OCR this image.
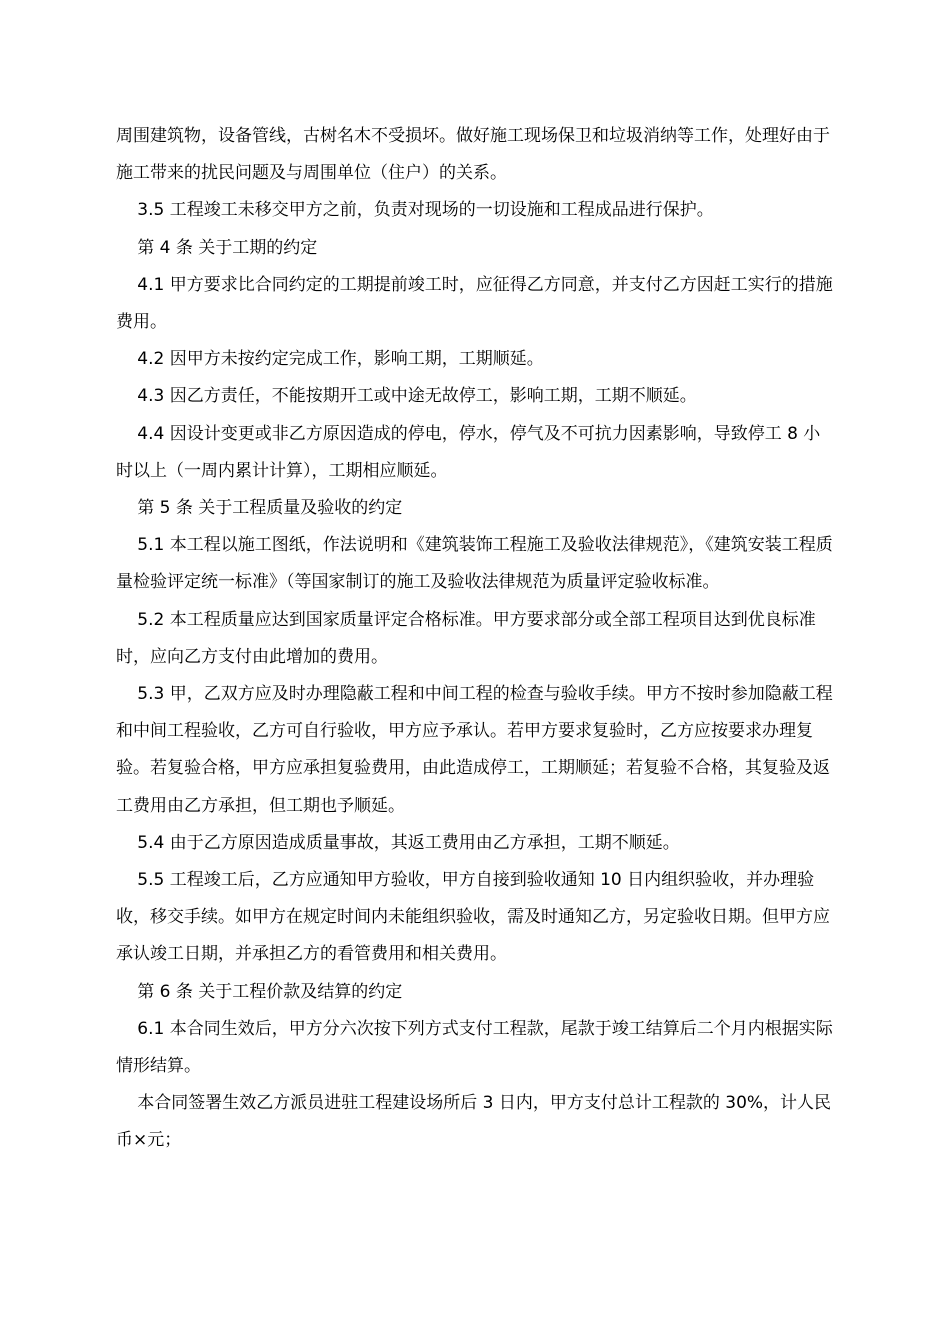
周围建筑物，设备管线，古树名木不受损坏。做好施工现场保卫和垃圾消纳等工作，处理好由于施工带来的扰民问题及与周围单位（住户）的关系。

3.5 工程竣工未移交甲方之前，负责对现场的一切设施和工程成品进行保护。

第 4 条 关于工期的约定

4.1 甲方要求比合同约定的工期提前竣工时，应征得乙方同意，并支付乙方因赶工实行的措施费用。

4.2 因甲方未按约定完成工作，影响工期，工期顺延。

4.3 因乙方责任，不能按期开工或中途无故停工，影响工期，工期不顺延。

4.4 因设计变更或非乙方原因造成的停电，停水，停气及不可抗力因素影响，导致停工 8 小时以上（一周内累计计算），工期相应顺延。

第 5 条 关于工程质量及验收的约定

5.1 本工程以施工图纸，作法说明和《建筑装饰工程施工及验收法律规范》，《建筑安装工程质量检验评定统一标准》（等国家制订的施工及验收法律规范为质量评定验收标准。

5.2 本工程质量应达到国家质量评定合格标准。甲方要求部分或全部工程项目达到优良标准时，应向乙方支付由此增加的费用。

5.3 甲，乙双方应及时办理隐蔽工程和中间工程的检查与验收手续。甲方不按时参加隐蔽工程和中间工程验收，乙方可自行验收，甲方应予承认。若甲方要求复验时，乙方应按要求办理复验。若复验合格，甲方应承担复验费用，由此造成停工，工期顺延；若复验不合格，其复验及返工费用由乙方承担，但工期也予顺延。

5.4 由于乙方原因造成质量事故，其返工费用由乙方承担，工期不顺延。

5.5 工程竣工后，乙方应通知甲方验收，甲方自接到验收通知 10 日内组织验收，并办理验收，移交手续。如甲方在规定时间内未能组织验收，需及时通知乙方，另定验收日期。但甲方应承认竣工日期，并承担乙方的看管费用和相关费用。

第 6 条 关于工程价款及结算的约定

6.1 本合同生效后，甲方分六次按下列方式支付工程款，尾款于竣工结算后二个月内根据实际情形结算。

本合同签署生效乙方派员进驻工程建设场所后 3 日内，甲方支付总计工程款的 30%，计人民币×元；
